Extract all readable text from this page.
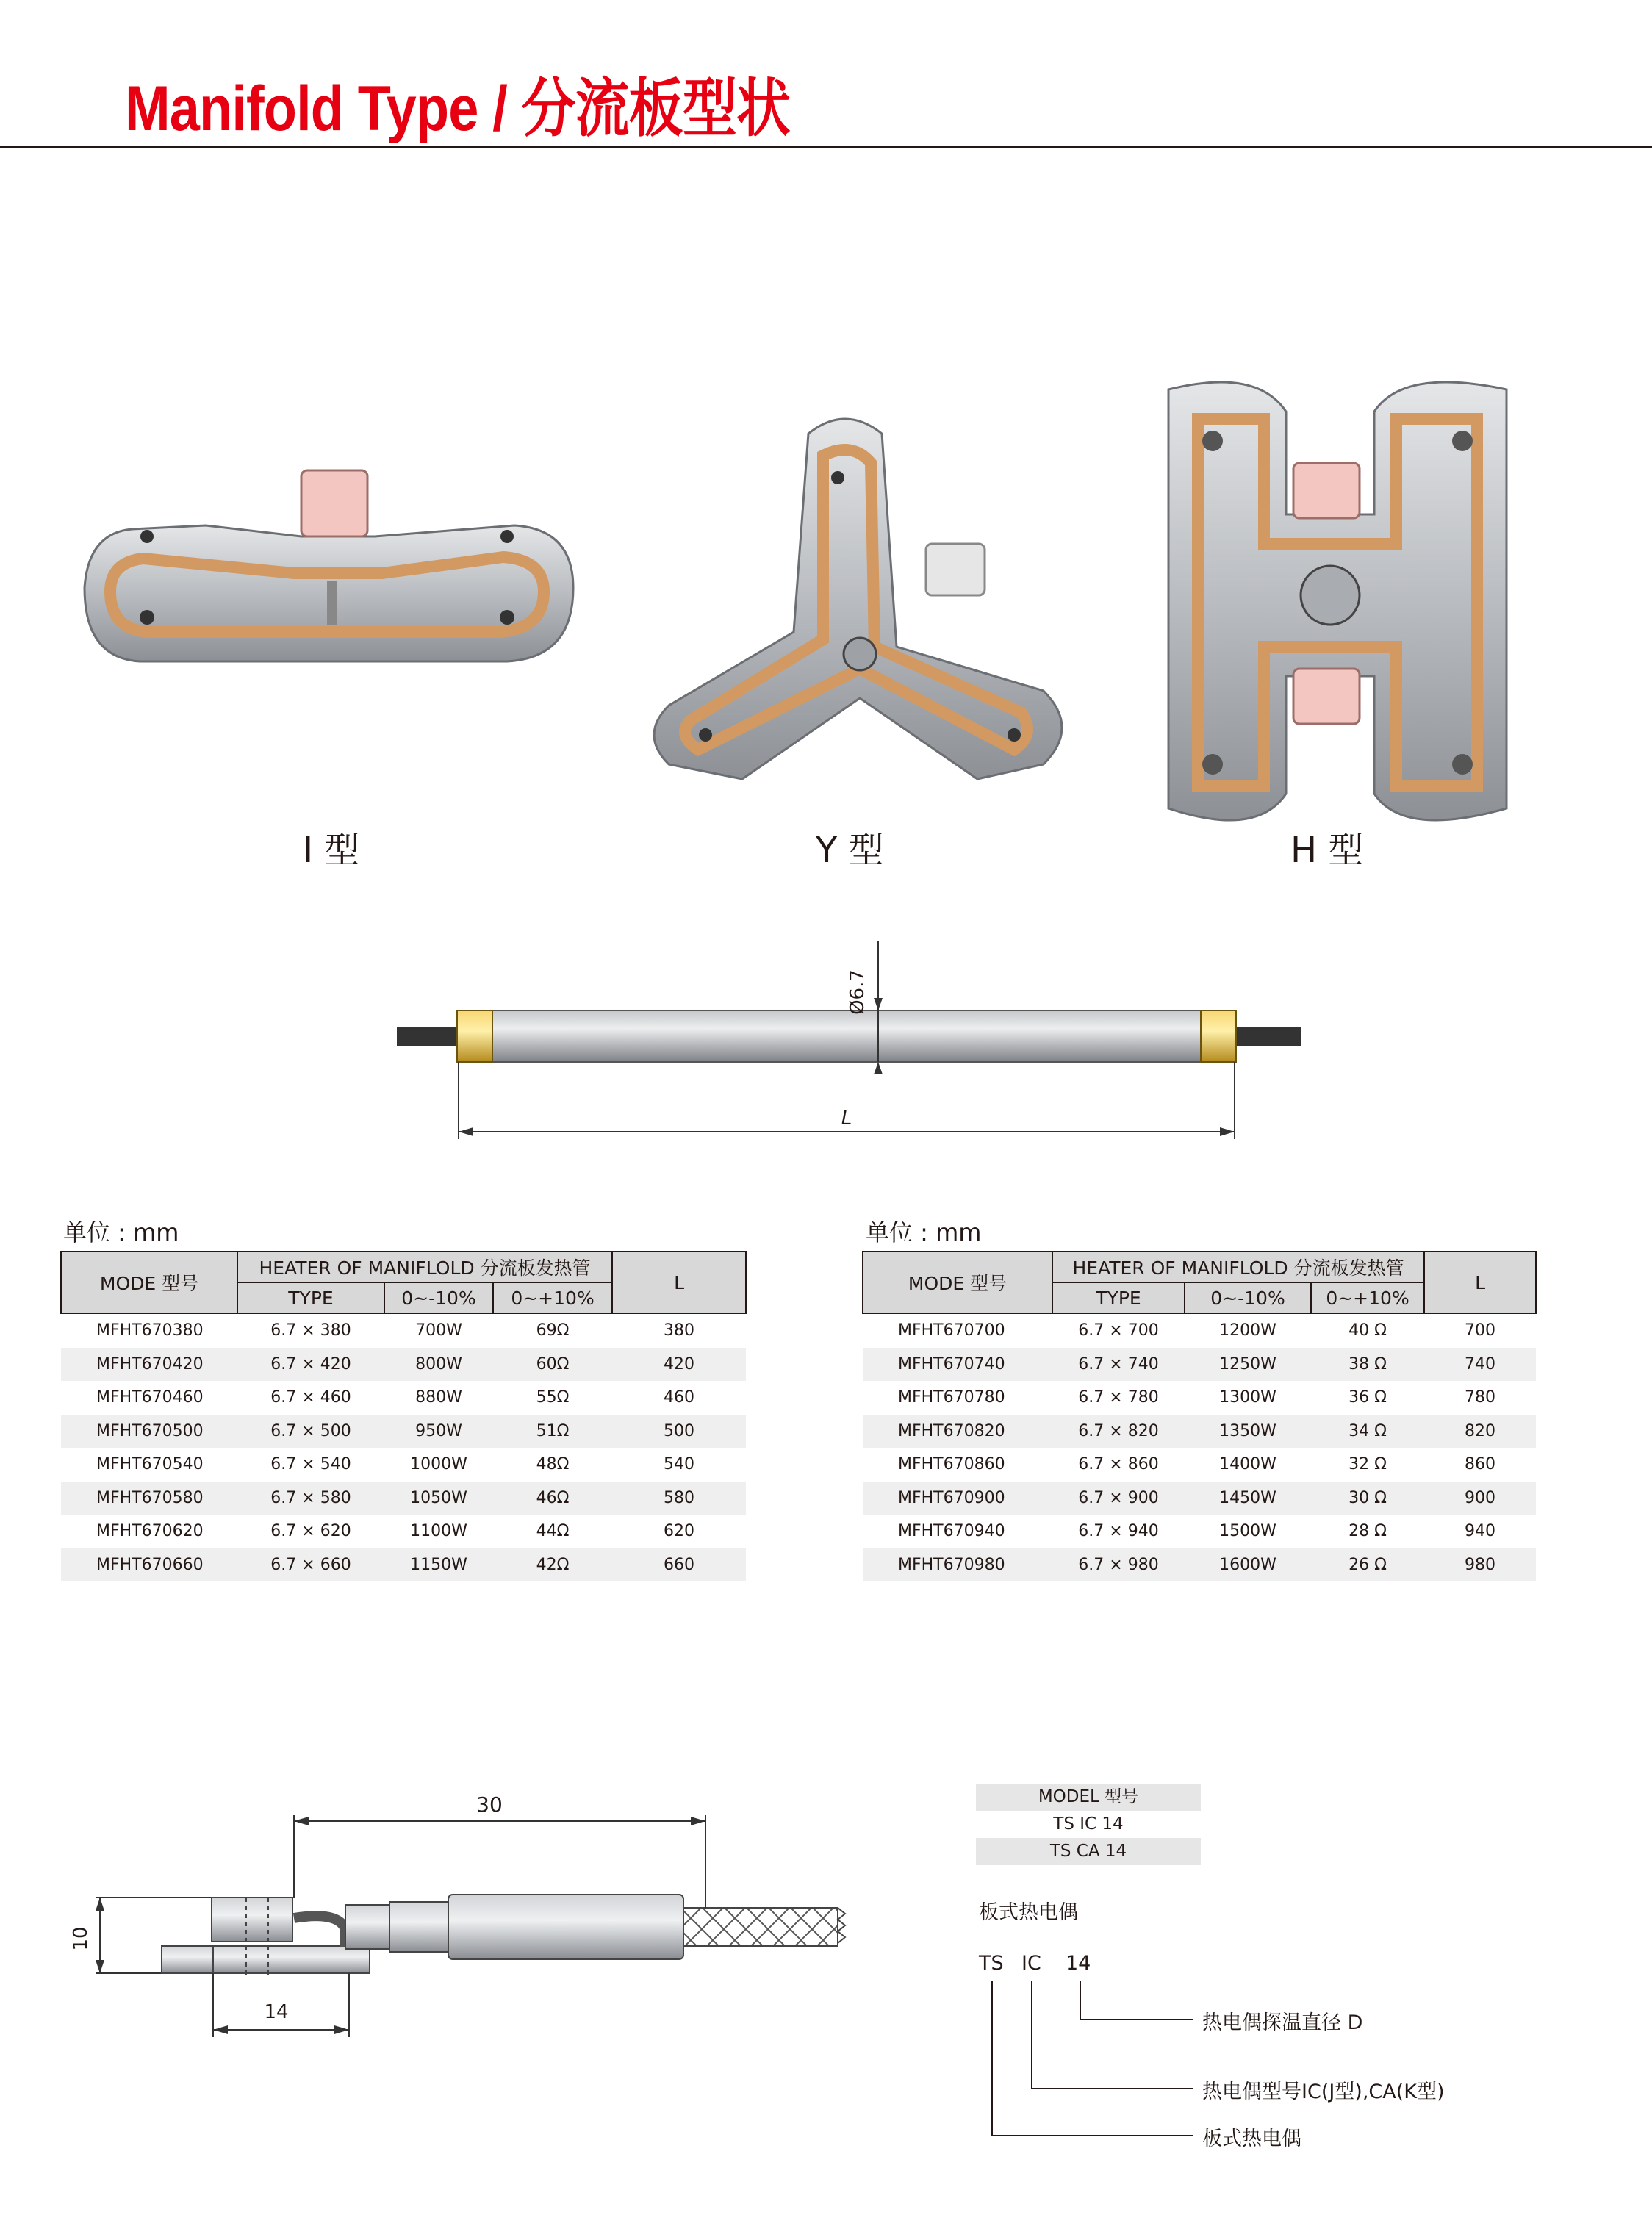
Manifold Type / 分流板型状
I 型	Y 型	H 型
Ø6.7
L
单位 : mm
MODE 型号	HEATER OF MANIFLOLD 分流板发热管			L
	TYPE	0~-10%	0~+10%	
MFHT670380	6.7 × 380	700W	69Ω	380
MFHT670420	6.7 × 420	800W	60Ω	420
MFHT670460	6.7 × 460	880W	55Ω	460
MFHT670500	6.7 × 500	950W	51Ω	500
MFHT670540	6.7 × 540	1000W	48Ω	540
MFHT670580	6.7 × 580	1050W	46Ω	580
MFHT670620	6.7 × 620	1100W	44Ω	620
MFHT670660	6.7 × 660	1150W	42Ω	660
单位 : mm
MODE 型号	HEATER OF MANIFLOLD 分流板发热管			L
	TYPE	0~-10%	0~+10%	
MFHT670700	6.7 × 700	1200W	40 Ω	700
MFHT670740	6.7 × 740	1250W	38 Ω	740
MFHT670780	6.7 × 780	1300W	36 Ω	780
MFHT670820	6.7 × 820	1350W	34 Ω	820
MFHT670860	6.7 × 860	1400W	32 Ω	860
MFHT670900	6.7 × 900	1450W	30 Ω	900
MFHT670940	6.7 × 940	1500W	28 Ω	940
MFHT670980	6.7 × 980	1600W	26 Ω	980
10
30
14
MODEL 型号
TS IC 14
TS CA 14
板式热电偶
TS IC 14
热电偶探温直径 D
热电偶型号IC(J型),CA(K型)
板式热电偶
